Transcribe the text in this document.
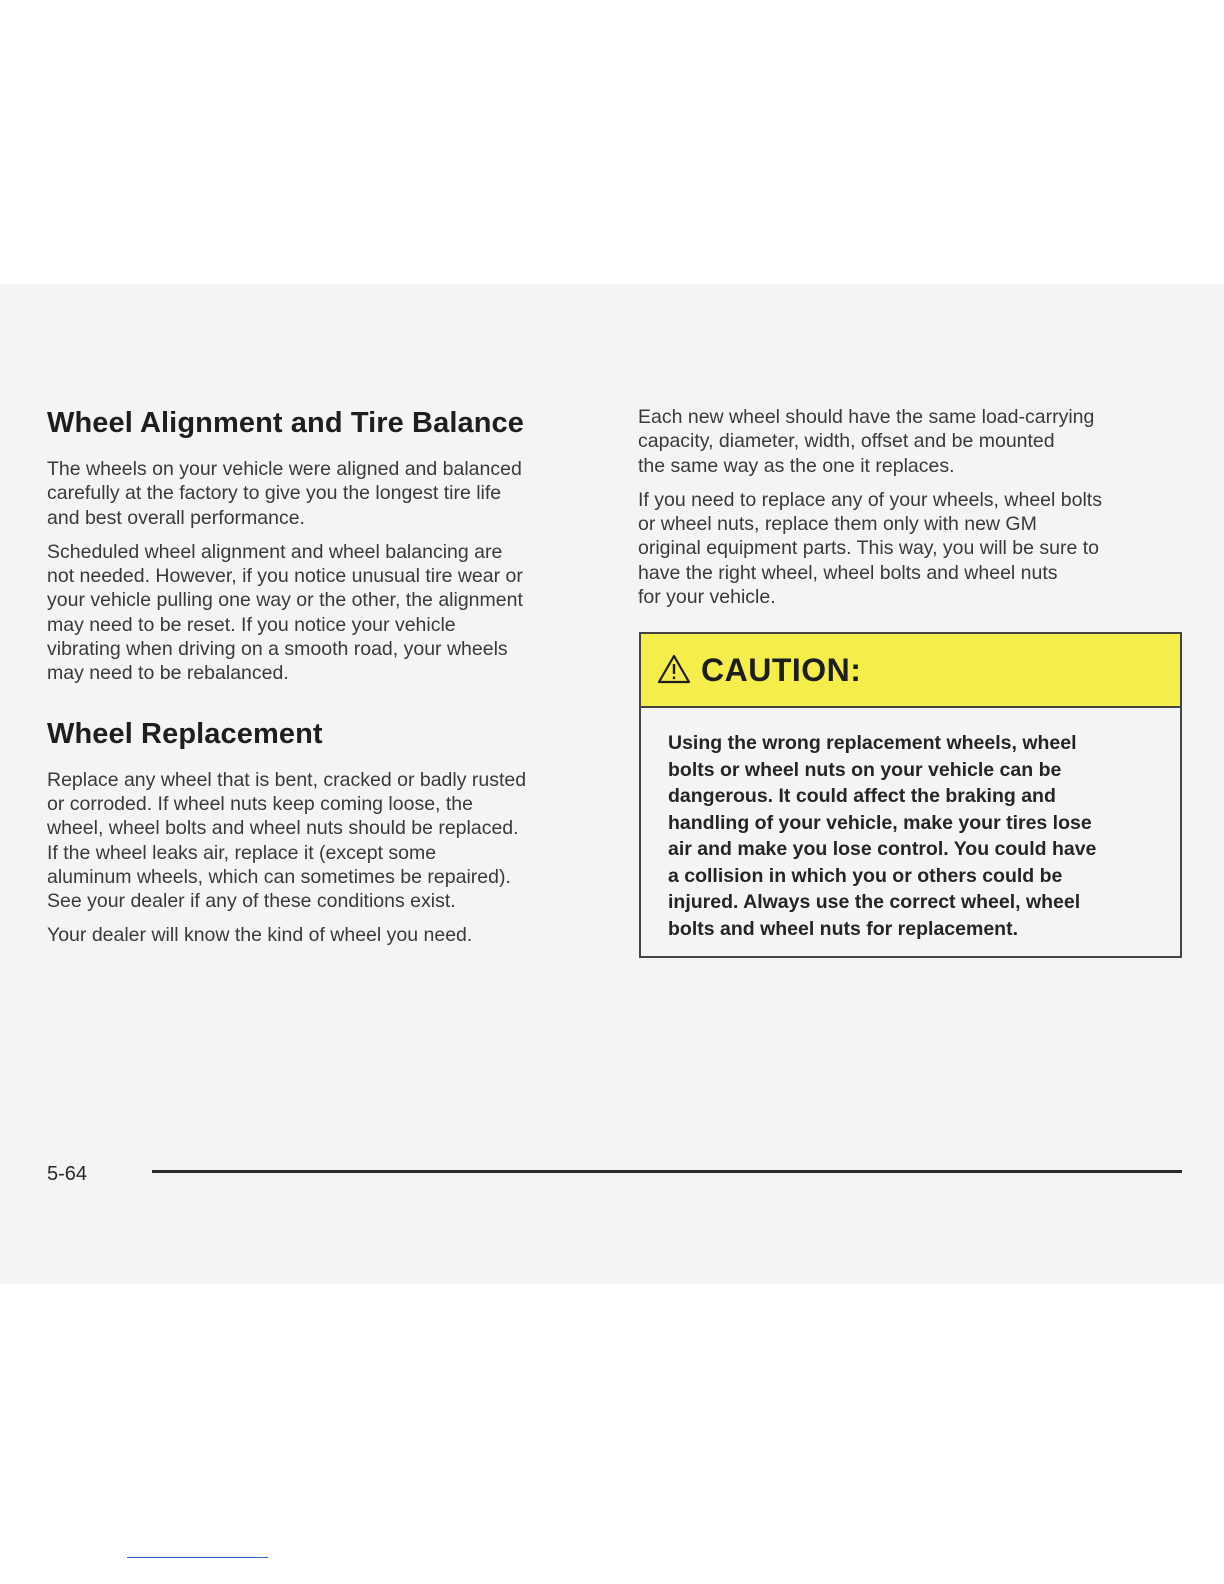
Wheel Alignment and Tire Balance

The wheels on your vehicle were aligned and balanced
carefully at the factory to give you the longest tire life
and best overall performance.

Scheduled wheel alignment and wheel balancing are
not needed. However, if you notice unusual tire wear or
your vehicle pulling one way or the other, the alignment
may need to be reset. If you notice your vehicle
vibrating when driving on a smooth road, your wheels
may need to be rebalanced.

Wheel Replacement

Replace any wheel that is bent, cracked or badly rusted
or corroded. If wheel nuts keep coming loose, the
wheel, wheel bolts and wheel nuts should be replaced.
If the wheel leaks air, replace it (except some
aluminum wheels, which can sometimes be repaired).
See your dealer if any of these conditions exist.

Your dealer will know the kind of wheel you need.

Each new wheel should have the same load-carrying
capacity, diameter, width, offset and be mounted
the same way as the one it replaces.

If you need to replace any of your wheels, wheel bolts
or wheel nuts, replace them only with new GM
original equipment parts. This way, you will be sure to
have the right wheel, wheel bolts and wheel nuts
for your vehicle.

CAUTION:
Using the wrong replacement wheels, wheel
bolts or wheel nuts on your vehicle can be
dangerous. It could affect the braking and
handling of your vehicle, make your tires lose
air and make you lose control. You could have
a collision in which you or others could be
injured. Always use the correct wheel, wheel
bolts and wheel nuts for replacement.
5-64
